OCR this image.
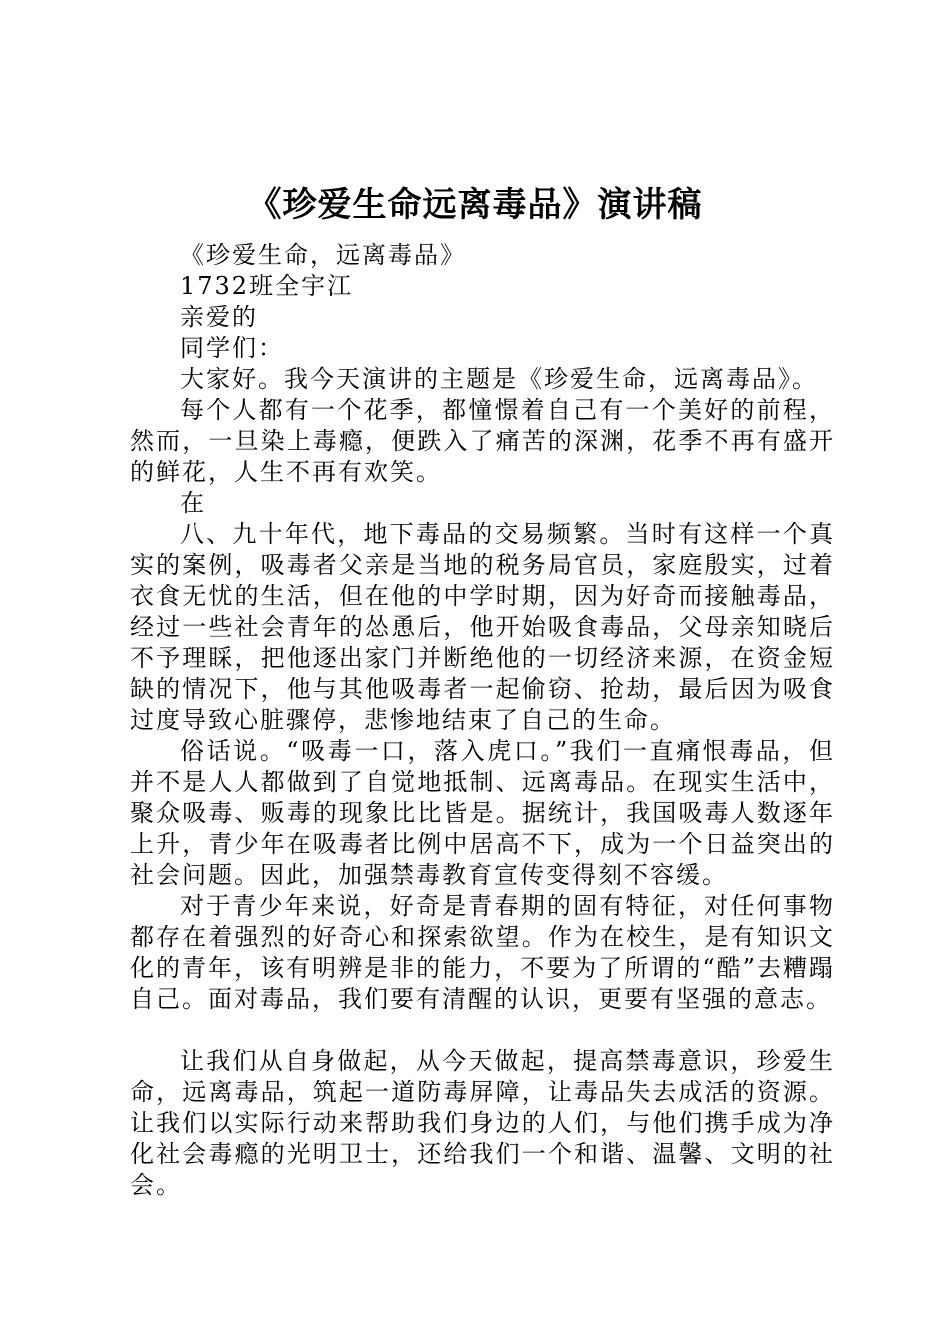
《珍爱生命远离毒品》演讲稿

《珍爱生命，远离毒品》

1732班全宇江

亲爱的

同学们：

大家好。我今天演讲的主题是《珍爱生命，远离毒品》。

每个人都有一个花季，都憧憬着自己有一个美好的前程，然而，一旦染上毒瘾，便跌入了痛苦的深渊，花季不再有盛开的鲜花，人生不再有欢笑。

在

八、九十年代，地下毒品的交易频繁。当时有这样一个真实的案例，吸毒者父亲是当地的税务局官员，家庭殷实，过着衣食无忧的生活，但在他的中学时期，因为好奇而接触毒品，经过一些社会青年的怂恿后，他开始吸食毒品，父母亲知晓后不予理睬，把他逐出家门并断绝他的一切经济来源，在资金短缺的情况下，他与其他吸毒者一起偷窃、抢劫，最后因为吸食过度导致心脏骤停，悲惨地结束了自己的生命。

俗话说。“吸毒一口，落入虎口。”我们一直痛恨毒品，但并不是人人都做到了自觉地抵制、远离毒品。在现实生活中，聚众吸毒、贩毒的现象比比皆是。据统计，我国吸毒人数逐年上升，青少年在吸毒者比例中居高不下，成为一个日益突出的社会问题。因此，加强禁毒教育宣传变得刻不容缓。

对于青少年来说，好奇是青春期的固有特征，对任何事物都存在着强烈的好奇心和探索欲望。作为在校生，是有知识文化的青年，该有明辨是非的能力，不要为了所谓的“酷”去糟蹋自己。面对毒品，我们要有清醒的认识，更要有坚强的意志。

让我们从自身做起，从今天做起，提高禁毒意识，珍爱生命，远离毒品，筑起一道防毒屏障，让毒品失去成活的资源。让我们以实际行动来帮助我们身边的人们，与他们携手成为净化社会毒瘾的光明卫士，还给我们一个和谐、温馨、文明的社会。
